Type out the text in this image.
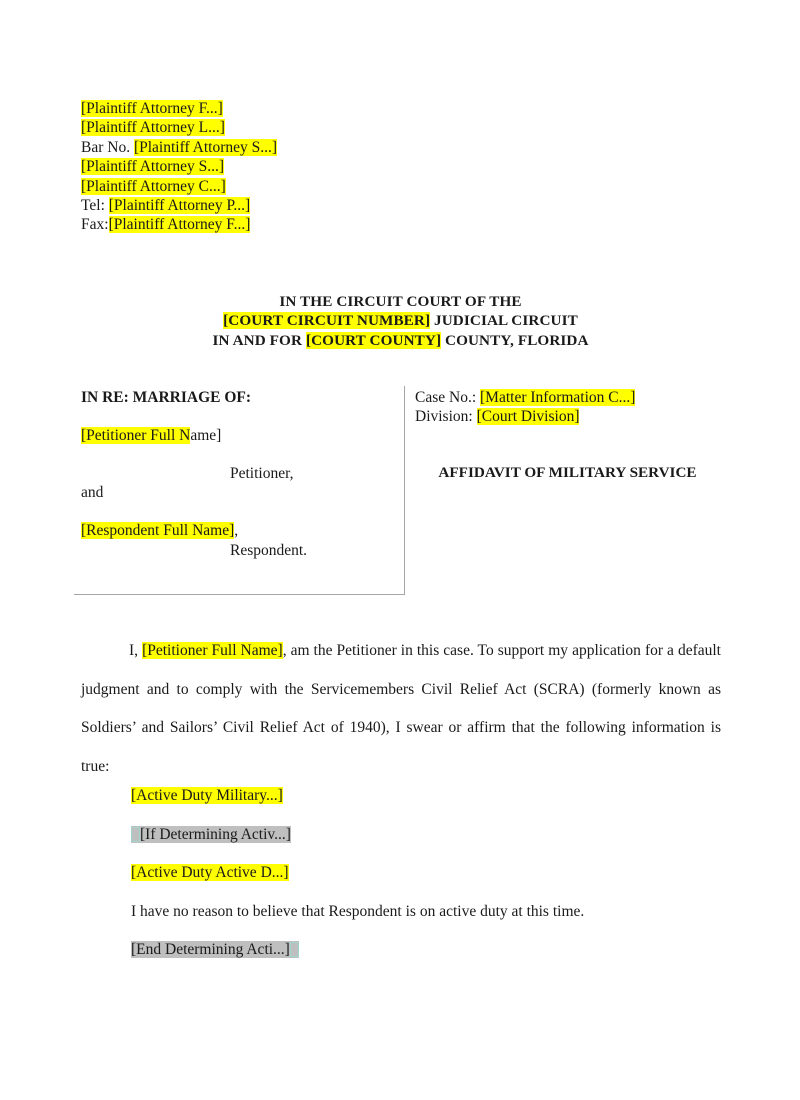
[Plaintiff Attorney F...]
[Plaintiff Attorney L...]
Bar No. [Plaintiff Attorney S...]
[Plaintiff Attorney S...]
[Plaintiff Attorney C...]
Tel: [Plaintiff Attorney P...]
Fax:[Plaintiff Attorney F...]
IN THE CIRCUIT COURT OF THE
[COURT CIRCUIT NUMBER] JUDICIAL CIRCUIT
IN AND FOR [COURT COUNTY] COUNTY, FLORIDA
IN RE: MARRIAGE OF:
[Petitioner Full Name]
Petitioner,
and
[Respondent Full Name],
Respondent.
Case No.: [Matter Information C...]
Division: [Court Division]
AFFIDAVIT OF MILITARY SERVICE
I, [Petitioner Full Name], am the Petitioner in this case. To support my application for a default judgment and to comply with the Servicemembers Civil Relief Act (SCRA) (formerly known as Soldiers’ and Sailors’ Civil Relief Act of 1940), I swear or affirm that the following information is true:
[Active Duty Military...]
[If Determining Activ...]
[Active Duty Active D...]
I have no reason to believe that Respondent is on active duty at this time.
[End Determining Acti...]
